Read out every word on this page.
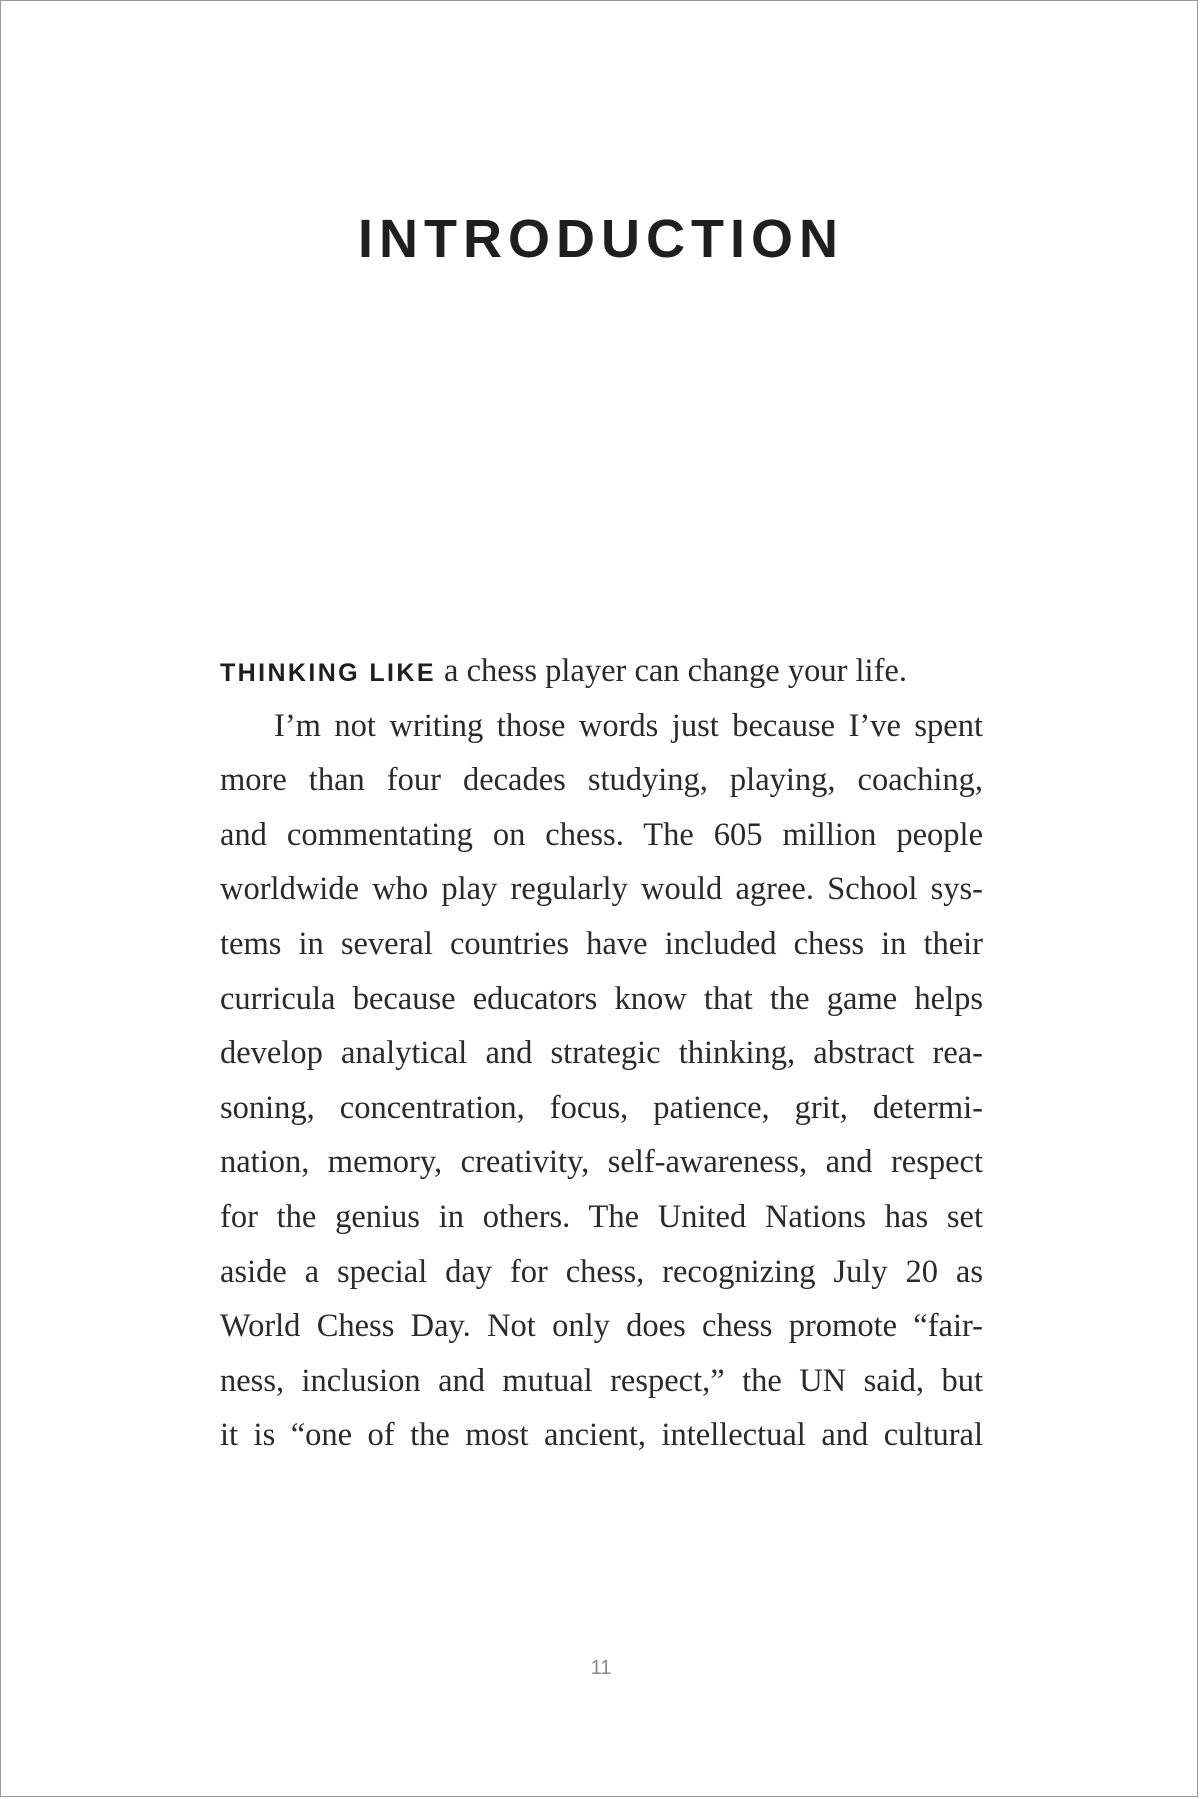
INTRODUCTION
THINKING LIKE a chess player can change your life.
I’m not writing those words just because I’ve spent
more than four decades studying, playing, coaching,
and commentating on chess. The 605 million people
worldwide who play regularly would agree. School sys-
tems in several countries have included chess in their
curricula because educators know that the game helps
develop analytical and strategic thinking, abstract rea-
soning, concentration, focus, patience, grit, determi-
nation, memory, creativity, self-awareness, and respect
for the genius in others. The United Nations has set
aside a special day for chess, recognizing July 20 as
World Chess Day. Not only does chess promote “fair-
ness, inclusion and mutual respect,” the UN said, but
it is “one of the most ancient, intellectual and cultural
11
